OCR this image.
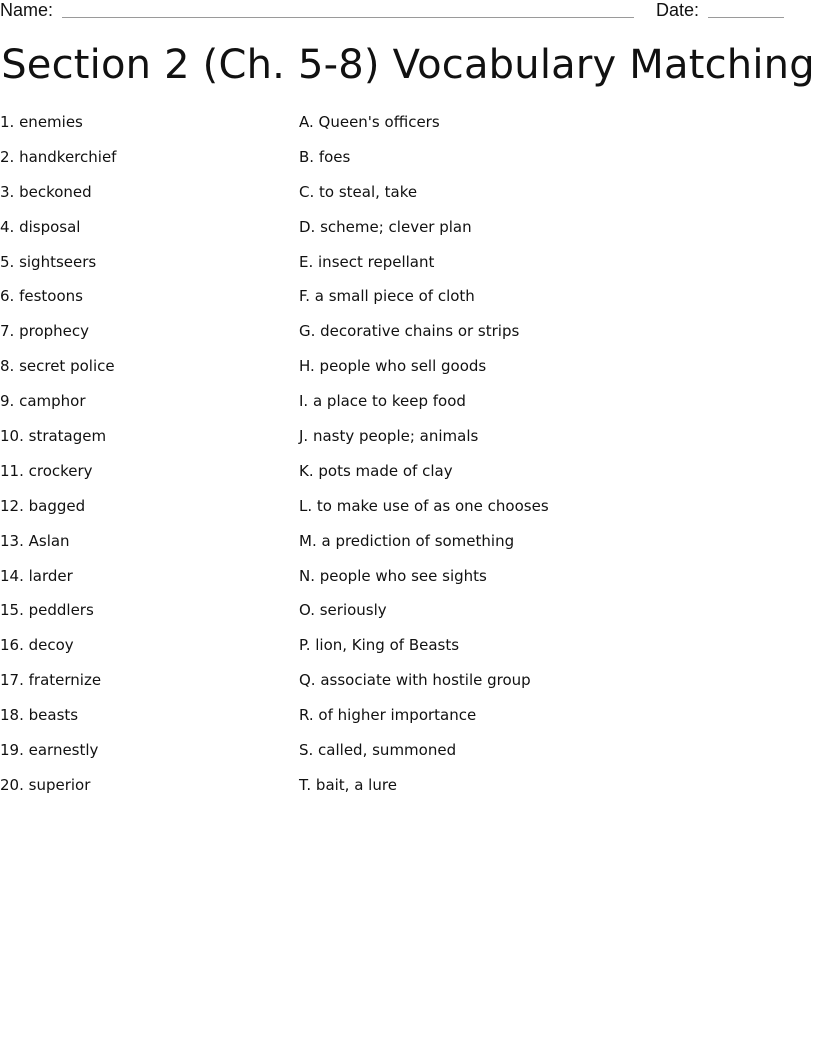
Name:	Date:
Section 2 (Ch. 5-8) Vocabulary Matching
1. enemies
2. handkerchief
3. beckoned
4. disposal
5. sightseers
6. festoons
7. prophecy
8. secret police
9. camphor
10. stratagem
11. crockery
12. bagged
13. Aslan
14. larder
15. peddlers
16. decoy
17. fraternize
18. beasts
19. earnestly
20. superior
A. Queen's officers
B. foes
C. to steal, take
D. scheme; clever plan
E. insect repellant
F. a small piece of cloth
G. decorative chains or strips
H. people who sell goods
I. a place to keep food
J. nasty people; animals
K. pots made of clay
L. to make use of as one chooses
M. a prediction of something
N. people who see sights
O. seriously
P. lion, King of Beasts
Q. associate with hostile group
R. of higher importance
S. called, summoned
T. bait, a lure
